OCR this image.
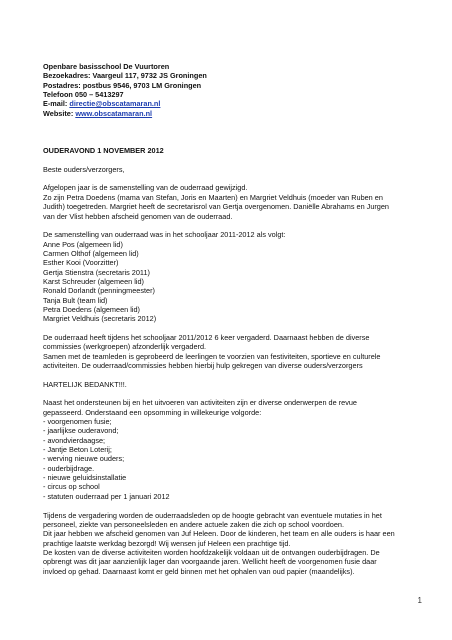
Openbare basisschool De Vuurtoren
Bezoekadres: Vaargeul 117, 9732 JS Groningen
Postadres: postbus 9546, 9703 LM Groningen
Telefoon 050 – 5413297
E-mail: directie@obscatamaran.nl
Website: www.obscatamaran.nl
OUDERAVOND 1 NOVEMBER 2012
Beste ouders/verzorgers,
Afgelopen jaar is de samenstelling van de ouderraad gewijzigd.
Zo zijn Petra Doedens (mama van Stefan, Joris en Maarten) en Margriet Veldhuis (moeder van Ruben en
Judith) toegetreden. Margriet heeft de secretarisrol van Gertja overgenomen. Daniëlle Abrahams en Jurgen
van der Vlist hebben afscheid genomen van de ouderraad.
De samenstelling van ouderraad was in het schooljaar 2011-2012 als volgt:
Anne Pos (algemeen lid)
Carmen Olthof (algemeen lid)
Esther Kooi (Voorzitter)
Gertja Stienstra (secretaris 2011)
Karst Schreuder (algemeen lid)
Ronald Dorlandt (penningmeester)
Tanja Bult (team lid)
Petra Doedens (algemeen lid)
Margriet Veldhuis (secretaris 2012)
De ouderraad heeft tijdens het schooljaar 2011/2012 6 keer vergaderd. Daarnaast hebben de diverse
commissies (werkgroepen) afzonderlijk vergaderd.
Samen met de teamleden is geprobeerd de leerlingen te voorzien van festiviteiten, sportieve en culturele
activiteiten. De ouderraad/commissies hebben hierbij hulp gekregen van diverse ouders/verzorgers
HARTELIJK BEDANKT!!!.
Naast het ondersteunen bij en het uitvoeren van activiteiten zijn er diverse onderwerpen de revue
gepasseerd. Onderstaand een opsomming in willekeurige volgorde:
- voorgenomen fusie;
- jaarlijkse ouderavond;
- avondvierdaagse;
- Jantje Beton Loterij;
- werving nieuwe ouders;
- ouderbijdrage.
- nieuwe geluidsinstallatie
- circus op school
- statuten ouderraad per 1 januari 2012
Tijdens de vergadering worden de ouderraadsleden op de hoogte gebracht van eventuele mutaties in het
personeel, ziekte van personeelsleden en andere actuele zaken die zich op school voordoen.
Dit jaar hebben we afscheid genomen van Juf Heleen. Door de kinderen, het team en alle ouders is haar een
prachtige laatste werkdag bezorgd! Wij wensen juf Heleen een prachtige tijd.
De kosten van de diverse activiteiten worden hoofdzakelijk voldaan uit de ontvangen ouderbijdragen. De
opbrengt was dit jaar aanzienlijk lager dan voorgaande jaren. Wellicht heeft de voorgenomen fusie daar
invloed op gehad. Daarnaast komt er geld binnen met het ophalen van oud papier (maandelijks).
1
